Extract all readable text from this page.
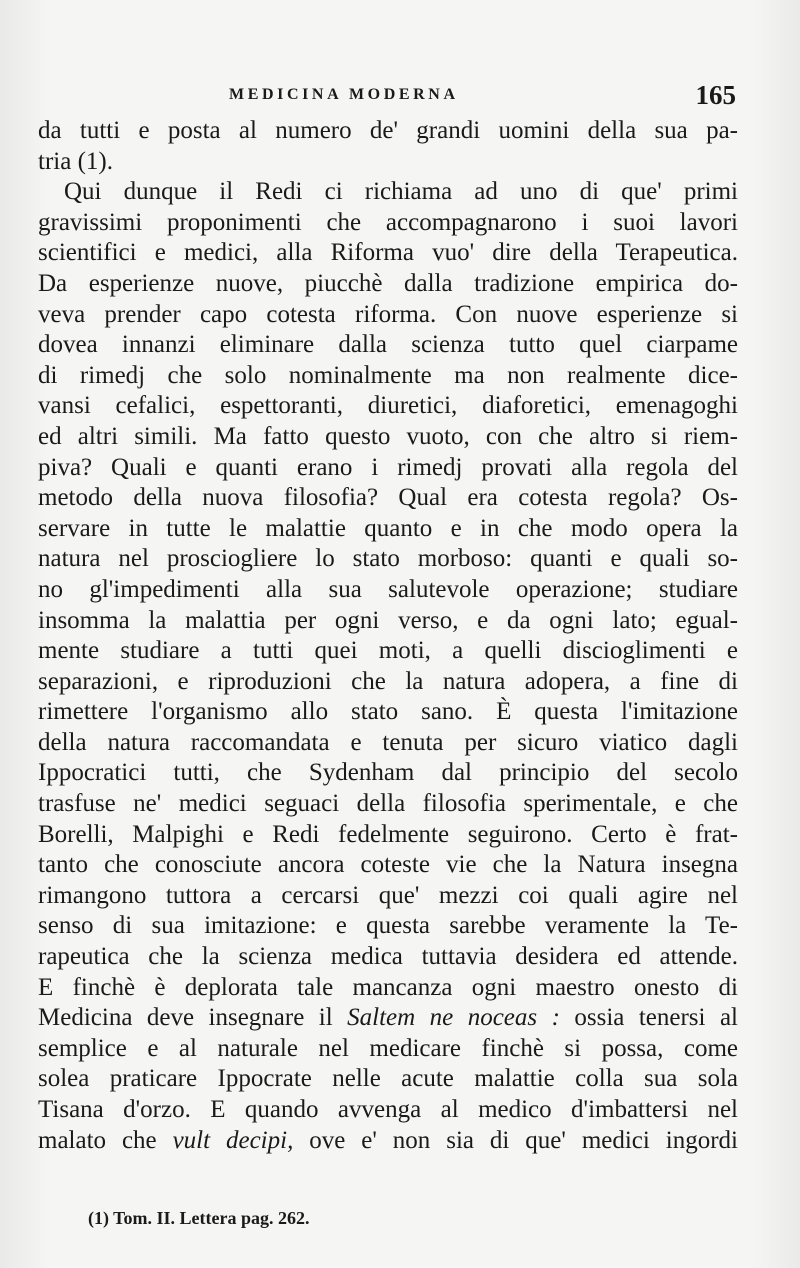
MEDICINA MODERNA	165
da tutti e posta al numero de' grandi uomini della sua pa-
tria (1).
Qui dunque il Redi ci richiama ad uno di que' primi
gravissimi proponimenti che accompagnarono i suoi lavori
scientifici e medici, alla Riforma vuo' dire della Terapeutica.
Da esperienze nuove, piucchè dalla tradizione empirica do-
veva prender capo cotesta riforma. Con nuove esperienze si
dovea innanzi eliminare dalla scienza tutto quel ciarpame
di rimedj che solo nominalmente ma non realmente dice-
vansi cefalici, espettoranti, diuretici, diaforetici, emenagoghi
ed altri simili. Ma fatto questo vuoto, con che altro si riem-
piva? Quali e quanti erano i rimedj provati alla regola del
metodo della nuova filosofia? Qual era cotesta regola? Os-
servare in tutte le malattie quanto e in che modo opera la
natura nel prosciogliere lo stato morboso: quanti e quali so-
no gl'impedimenti alla sua salutevole operazione; studiare
insomma la malattia per ogni verso, e da ogni lato; egual-
mente studiare a tutti quei moti, a quelli discioglimenti e
separazioni, e riproduzioni che la natura adopera, a fine di
rimettere l'organismo allo stato sano. È questa l'imitazione
della natura raccomandata e tenuta per sicuro viatico dagli
Ippocratici tutti, che Sydenham dal principio del secolo
trasfuse ne' medici seguaci della filosofia sperimentale, e che
Borelli, Malpighi e Redi fedelmente seguirono. Certo è frat-
tanto che conosciute ancora coteste vie che la Natura insegna
rimangono tuttora a cercarsi que' mezzi coi quali agire nel
senso di sua imitazione: e questa sarebbe veramente la Te-
rapeutica che la scienza medica tuttavia desidera ed attende.
E finchè è deplorata tale mancanza ogni maestro onesto di
Medicina deve insegnare il Saltem ne noceas : ossia tenersi al
semplice e al naturale nel medicare finchè si possa, come
solea praticare Ippocrate nelle acute malattie colla sua sola
Tisana d'orzo. E quando avvenga al medico d'imbattersi nel
malato che vult decipi, ove e' non sia di que' medici ingordi
(1) Tom. II. Lettera pag. 262.
